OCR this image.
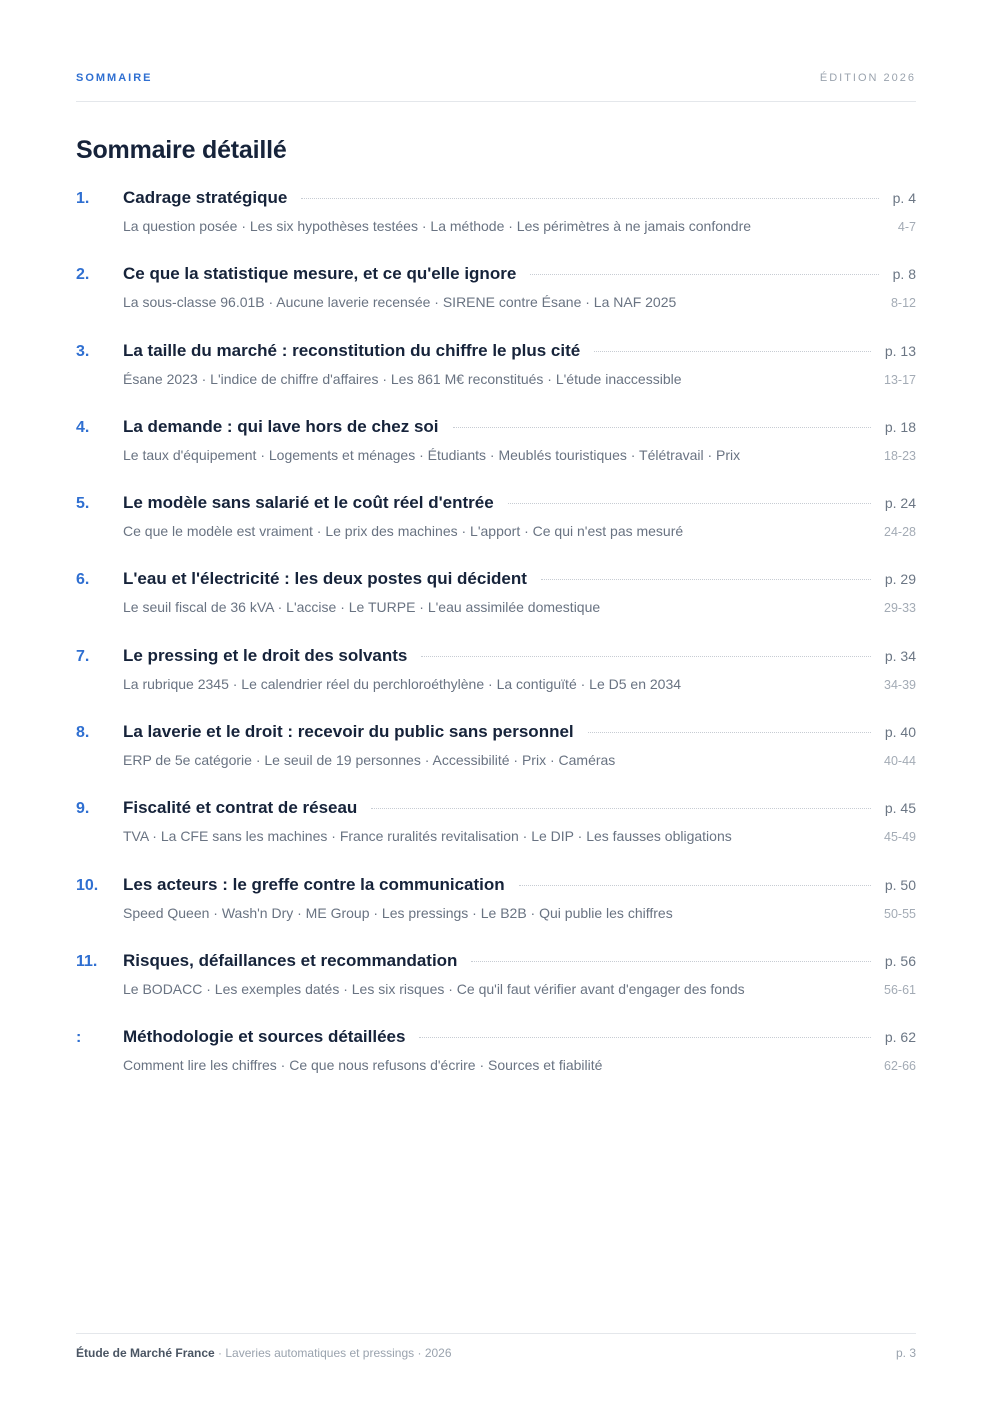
SOMMAIRE	ÉDITION 2026
Sommaire détaillé
1.	Cadrage stratégique	p. 4
La question posée · Les six hypothèses testées · La méthode · Les périmètres à ne jamais confondre	4-7
2.	Ce que la statistique mesure, et ce qu'elle ignore	p. 8
La sous-classe 96.01B · Aucune laverie recensée · SIRENE contre Ésane · La NAF 2025	8-12
3.	La taille du marché : reconstitution du chiffre le plus cité	p. 13
Ésane 2023 · L'indice de chiffre d'affaires · Les 861 M€ reconstitués · L'étude inaccessible	13-17
4.	La demande : qui lave hors de chez soi	p. 18
Le taux d'équipement · Logements et ménages · Étudiants · Meublés touristiques · Télétravail · Prix	18-23
5.	Le modèle sans salarié et le coût réel d'entrée	p. 24
Ce que le modèle est vraiment · Le prix des machines · L'apport · Ce qui n'est pas mesuré	24-28
6.	L'eau et l'électricité : les deux postes qui décident	p. 29
Le seuil fiscal de 36 kVA · L'accise · Le TURPE · L'eau assimilée domestique	29-33
7.	Le pressing et le droit des solvants	p. 34
La rubrique 2345 · Le calendrier réel du perchloroéthylène · La contiguïté · Le D5 en 2034	34-39
8.	La laverie et le droit : recevoir du public sans personnel	p. 40
ERP de 5e catégorie · Le seuil de 19 personnes · Accessibilité · Prix · Caméras	40-44
9.	Fiscalité et contrat de réseau	p. 45
TVA · La CFE sans les machines · France ruralités revitalisation · Le DIP · Les fausses obligations	45-49
10.	Les acteurs : le greffe contre la communication	p. 50
Speed Queen · Wash'n Dry · ME Group · Les pressings · Le B2B · Qui publie les chiffres	50-55
11.	Risques, défaillances et recommandation	p. 56
Le BODACC · Les exemples datés · Les six risques · Ce qu'il faut vérifier avant d'engager des fonds	56-61
:	Méthodologie et sources détaillées	p. 62
Comment lire les chiffres · Ce que nous refusons d'écrire · Sources et fiabilité	62-66
Étude de Marché France · Laveries automatiques et pressings · 2026	p. 3
